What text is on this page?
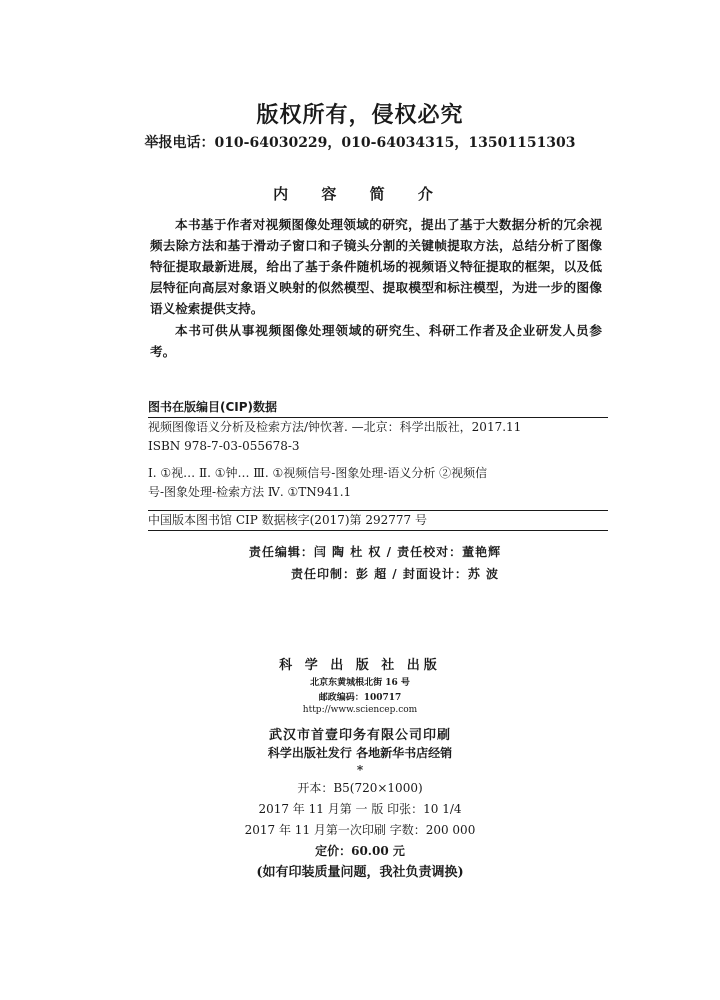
版权所有，侵权必究
举报电话：010-64030229，010-64034315，13501151303
内 容 简 介

本书基于作者对视频图像处理领域的研究，提出了基于大数据分析的冗余视频去除方法和基于滑动子窗口和子镜头分割的关键帧提取方法，总结分析了图像特征提取最新进展，给出了基于条件随机场的视频语义特征提取的框架，以及低层特征向高层对象语义映射的似然模型、提取模型和标注模型，为进一步的图像语义检索提供支持。

本书可供从事视频图像处理领域的研究生、科研工作者及企业研发人员参考。

图书在版编目(CIP)数据
视频图像语义分析及检索方法/钟忺著. —北京：科学出版社，2017.11
ISBN 978-7-03-055678-3
Ⅰ. ①视… Ⅱ. ①钟… Ⅲ. ①视频信号-图象处理-语义分析 ②视频信
号-图象处理-检索方法 Ⅳ. ①TN941.1
中国版本图书馆 CIP 数据核字(2017)第 292777 号
责任编辑：闫 陶 杜 权 / 责任校对：董艳辉
责任印制：彭 超 / 封面设计：苏 波
科 学 出 版 社 出版
北京东黄城根北街 16 号
邮政编码：100717
http://www.sciencep.com
武汉市首壹印务有限公司印刷
科学出版社发行 各地新华书店经销
*
开本：B5(720×1000)
2017 年 11 月第 一 版 印张：10 1/4
2017 年 11 月第一次印刷 字数：200 000
定价：60.00 元
(如有印装质量问题，我社负责调换)
